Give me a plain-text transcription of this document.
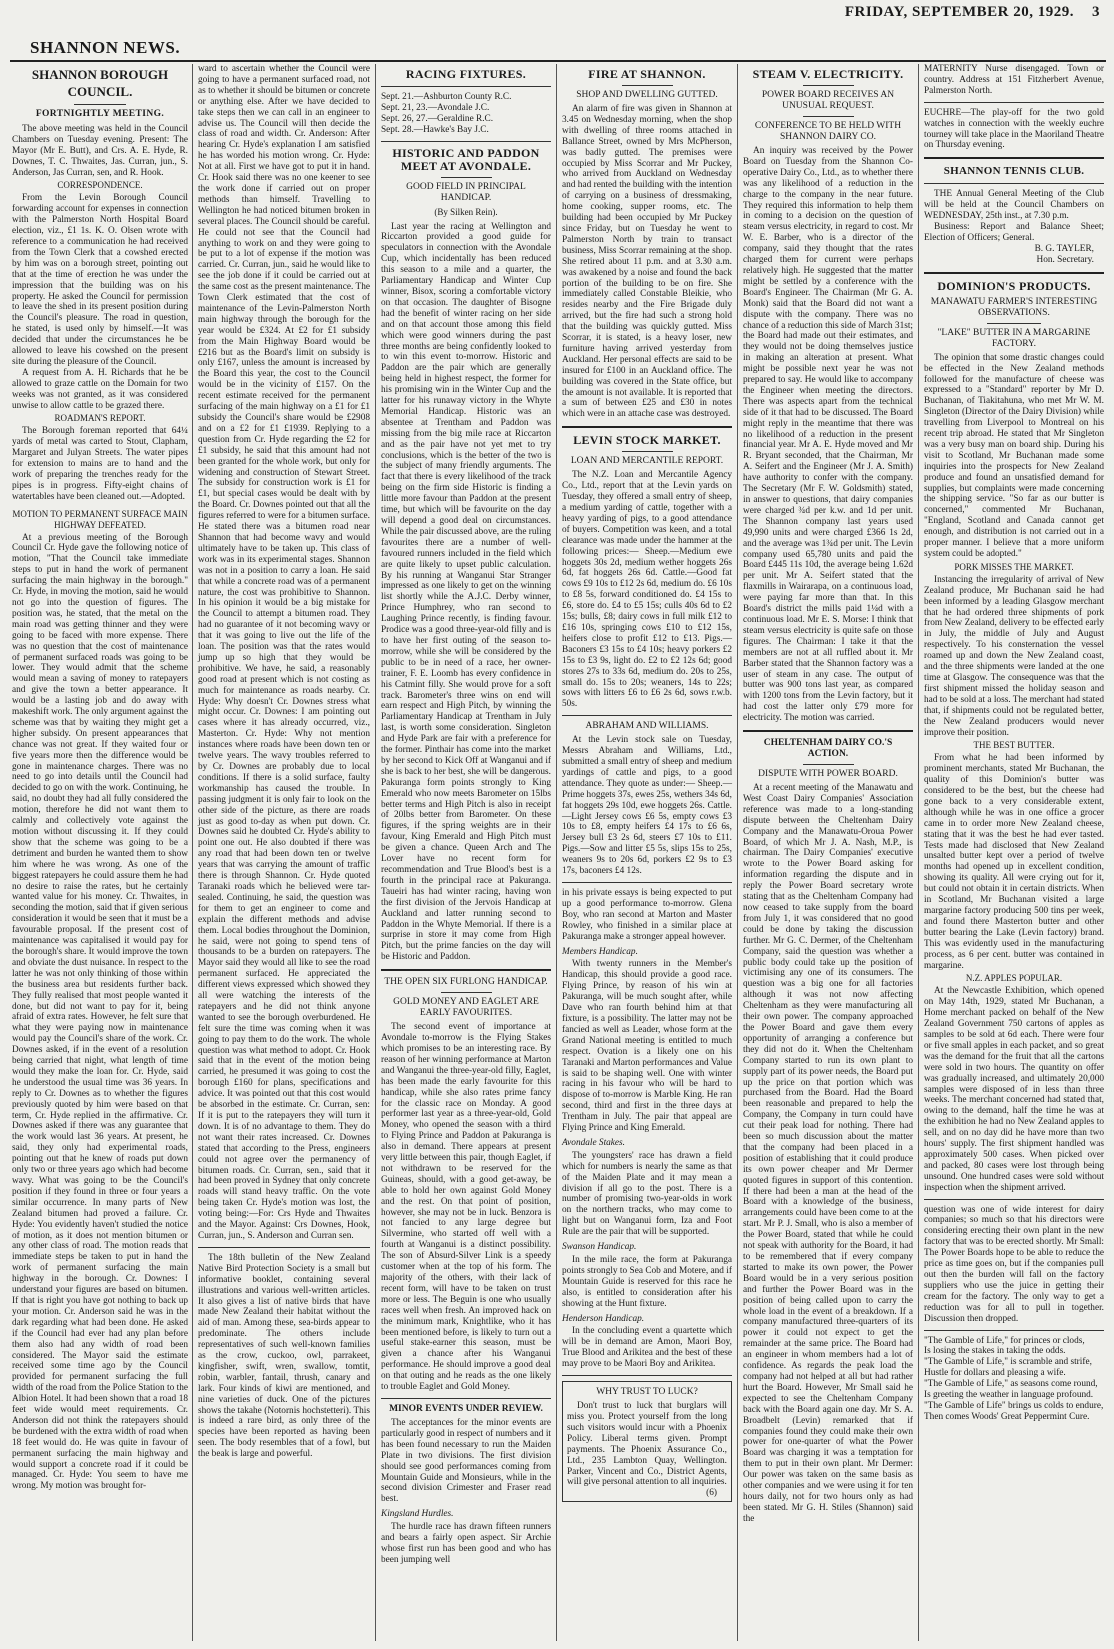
FRIDAY, SEPTEMBER 20, 1929. 3
SHANNON NEWS.
SHANNON BOROUGH COUNCIL.
FORTNIGHTLY MEETING.

The above meeting was held in the Council Chambers on Tuesday evening. Present: The Mayor (Mr E. Butt), and Crs. A. E. Hyde, R. Downes, T. C. Thwaites, Jas. Curran, jun., S. Anderson, Jas Curran, sen, and R. Hook.

CORRESPONDENCE.

From the Levin Borough Council forwarding account for expenses in connection with the Palmerston North Hospital Board election, viz., £1 1s. K. O. Olsen wrote with reference to a communication he had received from the Town Clerk that a cowshed erected by him was on a borough street, pointing out that at the time of erection he was under the impression that the building was on his property. He asked the Council for permission to leave the shed in its present position during the Council's pleasure. The road in question, he stated, is used only by himself.—It was decided that under the circumstances he be allowed to leave his cowshed on the present site during the pleasure of the Council.

A request from A. H. Richards that he be allowed to graze cattle on the Domain for two weeks was not granted, as it was considered unwise to allow cattle to be grazed there.

ROADMAN'S REPORT.

The Borough foreman reported that 64¼ yards of metal was carted to Stout, Clapham, Margaret and Julyan Streets. The water pipes for extension to mains are to hand and the work of preparing the trenches ready for the pipes is in progress. Fifty-eight chains of watertables have been cleaned out.—Adopted.

MOTION TO PERMANENT SURFACE MAIN HIGHWAY DEFEATED.

At a previous meeting of the Borough Council Cr. Hyde gave the following notice of motion, "That the Council take immediate steps to put in hand the work of permanent surfacing the main highway in the borough." Cr. Hyde, in moving the motion, said he would not go into the question of figures. The position was, he stated, that the metal on the main road was getting thinner and they were going to be faced with more expense. There was no question that the cost of maintenance of permanent surfaced roads was going to be lower. They would admit that the scheme would mean a saving of money to ratepayers and give the town a better appearance. It would be a lasting job and do away with makeshift work. The only argument against the scheme was that by waiting they might get a higher subsidy. On present appearances that chance was not great. If they waited four or five years more then the difference would be gone in maintenance charges. There was no need to go into details until the Council had decided to go on with the work. Continuing, he said, no doubt they had all fully considered the motion, therefore he did not want them to calmly and collectively vote against the motion without discussing it. If they could show that the scheme was going to be a detriment and burden he wanted them to show him where he was wrong. As one of the biggest ratepayers he could assure them he had no desire to raise the rates, but he certainly wanted value for his money. Cr. Thwaites, in seconding the motion, said that if given serious consideration it would be seen that it must be a favourable proposal. If the present cost of maintenance was capitalised it would pay for the borough's share. It would improve the town and obviate the dust nuisance. In respect to the latter he was not only thinking of those within the business area but residents further back. They fully realised that most people wanted it done, but did not want to pay for it, being afraid of extra rates. However, he felt sure that what they were paying now in maintenance would pay the Council's share of the work. Cr. Downes asked, if in the event of a resolution being carried that night, what length of time would they make the loan for. Cr. Hyde, said he understood the usual time was 36 years. In reply to Cr. Downes as to whether the figures previously quoted by him were based on that term, Cr. Hyde replied in the affirmative. Cr. Downes asked if there was any guarantee that the work would last 36 years. At present, he said, they only had experimental roads, pointing out that he knew of roads put down only two or three years ago which had become wavy. What was going to be the Council's position if they found in three or four years a similar occurrence. In many parts of New Zealand bitumen had proved a failure. Cr. Hyde: You evidently haven't studied the notice of motion, as it does not mention bitumen or any other class of road. The motion reads that immediate steps be taken to put in hand the work of permanent surfacing the main highway in the borough. Cr. Downes: I understand your figures are based on bitumen. If that is right you have got nothing to back up your motion. Cr. Anderson said he was in the dark regarding what had been done. He asked if the Council had ever had any plan before them also had any width of road been considered. The Mayor said the estimate received some time ago by the Council provided for permanent surfacing the full width of the road from the Police Station to the Albion Hotel. It had been shown that a road 18 feet wide would meet requirements. Cr. Anderson did not think the ratepayers should be burdened with the extra width of road when 18 feet would do. He was quite in favour of permanent surfacing the main highway and would support a concrete road if it could be managed. Cr. Hyde: You seem to have me wrong. My motion was brought for-

ward to ascertain whether the Council were going to have a permanent surfaced road, not as to whether it should be bitumen or concrete or anything else. After we have decided to take steps then we can call in an engineer to advise us. The Council will then decide the class of road and width. Cr. Anderson: After hearing Cr. Hyde's explanation I am satisfied he has worded his motion wrong. Cr. Hyde: Not at all. First we have got to put it in hand. Cr. Hook said there was no one keener to see the work done if carried out on proper methods than himself. Travelling to Wellington he had noticed bitumen broken in several places. The Council should be careful. He could not see that the Council had anything to work on and they were going to be put to a lot of expense if the motion was carried. Cr. Curran, jun., said he would like to see the job done if it could be carried out at the same cost as the present maintenance. The Town Clerk estimated that the cost of maintenance of the Levin-Palmerston North main highway through the borough for the year would be £324. At £2 for £1 subsidy from the Main Highway Board would be £216 but as the Board's limit on subsidy is only £167, unless the amount is increased by the Board this year, the cost to the Council would be in the vicinity of £157. On the recent estimate received for the permanent surfacing of the main highway on a £1 for £1 subsidy the Council's share would be £2908 and on a £2 for £1 £1939. Replying to a question from Cr. Hyde regarding the £2 for £1 subsidy, he said that this amount had not been granted for the whole work, but only for widening and construction of Stewart Street. The subsidy for construction work is £1 for £1, but special cases would be dealt with by the Board. Cr. Downes pointed out that all the figures referred to were for a bitumen surface. He stated there was a bitumen road near Shannon that had become wavy and would ultimately have to be taken up. This class of work was in its experimental stages. Shannon was not in a position to carry a loan. He said that while a concrete road was of a permanent nature, the cost was prohibitive to Shannon. In his opinion it would be a big mistake for the Council to attempt a bitumen road. They had no guarantee of it not becoming wavy or that it was going to live out the life of the loan. The position was that the rates would jump up so high that they would be prohibitive. We have, he said, a reasonably good road at present which is not costing as much for maintenance as roads nearby. Cr. Hyde: Why doesn't Cr. Downes stress what might occur. Cr. Downes: I am pointing out cases where it has already occurred, viz., Masterton. Cr. Hyde: Why not mention instances where roads have been down ten or twelve years. The wavy troubles referred to by Cr. Downes are probably due to local conditions. If there is a solid surface, faulty workmanship has caused the trouble. In passing judgment it is only fair to look on the other side of the picture, as there are roads just as good to-day as when put down. Cr. Downes said he doubted Cr. Hyde's ability to point one out. He also doubted if there was any road that had been down ten or twelve years that was carrying the amount of traffic there is through Shannon. Cr. Hyde quoted Taranaki roads which he believed were tar-sealed. Continuing, he said, the question was for them to get an engineer to come and explain the different methods and advise them. Local bodies throughout the Dominion, he said, were not going to spend tens of thousands to be a burden on ratepayers. The Mayor said they would all like to see the road permanent surfaced. He appreciated the different views expressed which showed they all were watching the interests of the ratepayers and he did not think anyone wanted to see the borough overburdened. He felt sure the time was coming when it was going to pay them to do the work. The whole question was what method to adopt. Cr. Hook said that in the event of the motion being carried, he presumed it was going to cost the borough £160 for plans, specifications and advice. It was pointed out that this cost would be absorbed in the estimate. Cr. Curran, sen: If it is put to the ratepayers they will turn it down. It is of no advantage to them. They do not want their rates increased. Cr. Downes stated that according to the Press, engineers could not agree over the permanency of bitumen roads. Cr. Curran, sen., said that it had been proved in Sydney that only concrete roads will stand heavy traffic. On the vote being taken Cr. Hyde's motion was lost, the voting being:—For: Crs Hyde and Thwaites and the Mayor. Against: Crs Downes, Hook, Curran, jun., S. Anderson and Curran sen.

The 18th bulletin of the New Zealand Native Bird Protection Society is a small but informative booklet, containing several illustrations and various well-written articles. It also gives a list of native birds that have made New Zealand their habitat without the aid of man. Among these, sea-birds appear to predominate. The others include representatives of such well-known families as the crow, cuckoo, owl, parrakeet, kingfisher, swift, wren, swallow, tomtit, robin, warbler, fantail, thrush, canary and lark. Four kinds of kiwi are mentioned, and nine varieties of duck. One of the pictures shows the takahe (Notornis hochstetteri). This is indeed a rare bird, as only three of the species have been reported as having been seen. The body resembles that of a fowl, but the beak is large and powerful.

RACING FIXTURES.

Sept. 21.—Ashburton County R.C.

Sept. 21, 23.—Avondale J.C.

Sept. 26, 27.—Geraldine R.C.

Sept. 28.—Hawke's Bay J.C.

HISTORIC AND PADDON MEET AT AVONDALE.
GOOD FIELD IN PRINCIPAL HANDICAP.
(By Silken Rein).

Last year the racing at Wellington and Riccarton provided a good guide for speculators in connection with the Avondale Cup, which incidentally has been reduced this season to a mile and a quarter, the Parliamentary Handicap and Winter Cup winner, Bisox, scoring a comfortable victory on that occasion. The daughter of Bisogne had the benefit of winter racing on her side and on that account those among this field which were good winners during the past three months are being confidently looked to to win this event to-morrow. Historic and Paddon are the pair which are generally being held in highest respect, the former for his promising win in the Winter Cup and the latter for his runaway victory in the Whyte Memorial Handicap. Historic was an absentee at Trentham and Paddon was missing from the big mile race at Riccarton and as the pair have not yet met to try conclusions, which is the better of the two is the subject of many friendly arguments. The fact that there is every likelihood of the track being on the firm side Historic is finding a little more favour than Paddon at the present time, but which will be favourite on the day will depend a good deal on circumstances. While the pair discussed above, are the ruling favourites there are a number of well-favoured runners included in the field which are quite likely to upset public calculation. By his running at Wanganui Star Stranger impressed as one likely to get on the winning list shortly while the A.J.C. Derby winner, Prince Humphrey, who ran second to Laughing Prince recently, is finding favour. Prodice was a good three-year-old filly and is to have her first outing of the season to-morrow, while she will be considered by the public to be in need of a race, her owner-trainer, F. E. Loomb has every confidence in his Catmint filly. She would prove for a soft track. Barometer's three wins on end will earn respect and High Pitch, by winning the Parliamentary Handicap at Trentham in July last, is worth some consideration. Singleton and Hyde Park are fair with a preference for the former. Pinthair has come into the market by her second to Kick Off at Wanganui and if she is back to her best, she will be dangerous. Pakuranga form points strongly to King Emerald who now meets Barometer on 15lbs better terms and High Pitch is also in receipt of 20lbs better from Barometer. On these figures, if the spring weights are in their favour, King Emerald and High Pitch must be given a chance. Queen Arch and The Lover have no recent form for recommendation and True Blood's best is a fourth in the principal race at Pakuranga. Taueiri has had winter racing, having won the first division of the Jervois Handicap at Auckland and latter running second to Paddon in the Whyte Memorial. If there is a surprise in store it may come from High Pitch, but the prime fancies on the day will be Historic and Paddon.

THE OPEN SIX FURLONG HANDICAP.
GOLD MONEY AND EAGLET ARE EARLY FAVOURITES.

The second event of importance at Avondale to-morrow is the Flying Stakes which promises to be an interesting race. By reason of her winning performance at Marton and Wanganui the three-year-old filly, Eaglet, has been made the early favourite for this handicap, while she also rates prime fancy for the classic race on Monday. A good performer last year as a three-year-old, Gold Money, who opened the season with a third to Flying Prince and Paddon at Pakuranga is also in demand. There appears at present very little between this pair, though Eaglet, if not withdrawn to be reserved for the Guineas, should, with a good get-away, be able to hold her own against Gold Money and the rest. On that point of position, however, she may not be in luck. Benzora is not fancied to any large degree but Silvermine, who started off well with a fourth at Wanganui is a distinct possibility. The son of Absurd-Silver Link is a speedy customer when at the top of his form. The majority of the others, with their lack of recent form, will have to be taken on trust more or less. The Beguin is one who usually races well when fresh. An improved hack on the minimum mark, Knightlike, who it has been mentioned before, is likely to turn out a useful stake-earner this season, must be given a chance after his Wanganui performance. He should improve a good deal on that outing and he reads as the one likely to trouble Eaglet and Gold Money.

MINOR EVENTS UNDER REVIEW.

The acceptances for the minor events are particularly good in respect of numbers and it has been found necessary to run the Maiden Plate in two divisions. The first division should see good performances coming from Mountain Guide and Monsieurs, while in the second division Crimester and Fraser read best.

Kingsland Hurdles.

The hurdle race has drawn fifteen runners and bears a fairly open aspect. Sir Archie whose first run has been good and who has been jumping well

FIRE AT SHANNON.
SHOP AND DWELLING GUTTED.

An alarm of fire was given in Shannon at 3.45 on Wednesday morning, when the shop with dwelling of three rooms attached in Ballance Street, owned by Mrs McPherson, was badly gutted. The premises were occupied by Miss Scorrar and Mr Puckey, who arrived from Auckland on Wednesday and had rented the building with the intention of carrying on a business of dressmaking, home cooking, supper rooms, etc. The building had been occupied by Mr Puckey since Friday, but on Tuesday he went to Palmerston North by train to transact business, Miss Scorrar remaining at the shop. She retired about 11 p.m. and at 3.30 a.m. was awakened by a noise and found the back portion of the building to be on fire. She immediately called Constable Bleikie, who resides nearby and the Fire Brigade duly arrived, but the fire had such a strong hold that the building was quickly gutted. Miss Scorrar, it is stated, is a heavy loser, new furniture having arrived yesterday from Auckland. Her personal effects are said to be insured for £100 in an Auckland office. The building was covered in the State office, but the amount is not available. It is reported that a sum of between £25 and £30 in notes which were in an attache case was destroyed.

LEVIN STOCK MARKET.
LOAN AND MERCANTILE REPORT.

The N.Z. Loan and Mercantile Agency Co., Ltd., report that at the Levin yards on Tuesday, they offered a small entry of sheep, a medium yarding of cattle, together with a heavy yarding of pigs, to a good attendance of buyers. Competition was keen, and a total clearance was made under the hammer at the following prices:— Sheep.—Medium ewe hoggets 30s 2d, medium wether hoggets 26s 6d, fat hoggets 26s 6d. Cattle.—Good fat cows £9 10s to £12 2s 6d, medium do. £6 10s to £8 5s, forward conditioned do. £4 15s to £6, store do. £4 to £5 15s; culls 40s 6d to £2 15s; bulls, £8; dairy cows in full milk £12 to £16 10s, springing cows £10 to £12 15s, heifers close to profit £12 to £13. Pigs.—Baconers £3 15s to £4 10s; heavy porkers £2 15s to £3 9s, light do. £2 to £2 12s 6d; good stores 27s to 33s 6d, medium do. 20s to 25s, small do. 15s to 20s; weaners, 14s to 22s; sows with litters £6 to £6 2s 6d, sows r.w.b. 50s.

ABRAHAM AND WILLIAMS.

At the Levin stock sale on Tuesday, Messrs Abraham and Williams, Ltd., submitted a small entry of sheep and medium yardings of cattle and pigs, to a good attendance. They quote as under:— Sheep.—Prime hoggets 37s, ewes 25s, wethers 34s 6d, fat hoggets 29s 10d, ewe hoggets 26s. Cattle.—Light Jersey cows £6 5s, empty cows £3 10s to £8, empty heifers £4 17s to £6 6s, Jersey bull £3 2s 6d, steers £7 10s to £11. Pigs.—Sow and litter £5 5s, slips 15s to 25s, weaners 9s to 20s 6d, porkers £2 9s to £3 17s, baconers £4 12s.

in his private essays is being expected to put up a good performance to-morrow. Glena Boy, who ran second at Marton and Master Rowley, who finished in a similar place at Pakuranga make a stronger appeal however.

Members Handicap.

With twenty runners in the Member's Handicap, this should provide a good race. Flying Prince, by reason of his win at Pakuranga, will be much sought after, while Dave who ran fourth behind him at that fixture, is a possibility. The latter may not be fancied as well as Leader, whose form at the Grand National meeting is entitled to much respect. Ovation is a likely one on his Taranaki and Marton performances and Value is said to be shaping well. One with winter racing in his favour who will be hard to dispose of to-morrow is Marble King. He ran second, third and first in the three days at Trentham in July. The pair that appeal are Flying Prince and King Emerald.

Avondale Stakes.

The youngsters' race has drawn a field which for numbers is nearly the same as that of the Maiden Plate and it may mean a division if all go to the post. There is a number of promising two-year-olds in work on the northern tracks, who may come to light but on Wanganui form, Iza and Foot Rule are the pair that will be supported.

Swanson Handicap.

In the mile race, the form at Pakuranga points strongly to Sea Cob and Motere, and if Mountain Guide is reserved for this race he also, is entitled to consideration after his showing at the Hunt fixture.

Henderson Handicap.

In the concluding event a quartette which will be in demand are Amon, Maori Boy, True Blood and Arikitea and the best of these may prove to be Maori Boy and Arikitea.

WHY TRUST TO LUCK?

Don't trust to luck that burglars will miss you. Protect yourself from the long such visitors would incur with a Phoenix Policy. Liberal terms given. Prompt payments. The Phoenix Assurance Co., Ltd., 235 Lambton Quay, Wellington. Parker, Vincent and Co., District Agents, will give personal attention to all inquiries.

(6)

STEAM V. ELECTRICITY.
POWER BOARD RECEIVES AN UNUSUAL REQUEST.
CONFERENCE TO BE HELD WITH SHANNON DAIRY CO.

An inquiry was received by the Power Board on Tuesday from the Shannon Co-operative Dairy Co., Ltd., as to whether there was any likelihood of a reduction in the charge to the company in the near future. They required this information to help them in coming to a decision on the question of steam versus electricity, in regard to cost. Mr W. E. Barber, who is a director of the company, said they thought that the rates charged them for current were perhaps relatively high. He suggested that the matter might be settled by a conference with the Board's Engineer. The Chairman (Mr G. A. Monk) said that the Board did not want a dispute with the company. There was no chance of a reduction this side of March 31st; the Board had made out their estimates, and they would not be doing themselves justice in making an alteration at present. What might be possible next year he was not prepared to say. He would like to accompany the Engineer when meeting the directors. There was aspects apart from the technical side of it that had to be discussed. The Board might reply in the meantime that there was no likelihood of a reduction in the present financial year. Mr A. E. Hyde moved and Mr R. Bryant seconded, that the Chairman, Mr A. Seifert and the Engineer (Mr J. A. Smith) have authority to confer with the company. The Secretary (Mr F. W. Goldsmith) stated, in answer to questions, that dairy companies were charged ¾d per k.w. and 1d per unit. The Shannon company last years used 49,990 units and were charged £366 1s 2d, and the average was 1¾d per unit. The Levin company used 65,780 units and paid the Board £445 11s 10d, the average being 1.62d per unit. Mr A. Seifert stated that the flaxmills in Wairarapa, on a continuous load, were paying far more than that. In this Board's district the mills paid 1¼d with a continuous load. Mr E. S. Morse: I think that steam versus electricity is quite safe on those figures. The Chairman: I take it that the members are not at all ruffled about it. Mr Barber stated that the Shannon factory was a user of steam in any case. The output of butter was 900 tons last year, as compared with 1200 tons from the Levin factory, but it had cost the latter only £79 more for electricity. The motion was carried.

CHELTENHAM DAIRY CO.'S ACTION.
DISPUTE WITH POWER BOARD.

At a recent meeting of the Manawatu and West Coast Dairy Companies' Association reference was made to a long-standing dispute between the Cheltenham Dairy Company and the Manawatu-Oroua Power Board, of which Mr J. A. Nash, M.P., is chairman. The Dairy Companies' executive wrote to the Power Board asking for information regarding the dispute and in reply the Power Board secretary wrote stating that as the Cheltenham Company had now ceased to take supply from the board from July 1, it was considered that no good could be done by taking the discussion further. Mr G. C. Dermer, of the Cheltenham Company, said the question was whether a public body could take up the position of victimising any one of its consumers. The question was a big one for all factories although it was not now affecting Cheltenham as they were manufacturing all their own power. The company approached the Power Board and gave them every opportunity of arranging a conference but they did not do it. When the Cheltenham Company started to run its own plant to supply part of its power needs, the Board put up the price on that portion which was purchased from the Board. Had the Board been reasonable and prepared to help the Company, the Company in turn could have cut their peak load for nothing. There had been so much discussion about the matter that the company had been placed in a position of establishing that it could produce its own power cheaper and Mr Dermer quoted figures in support of this contention. If there had been a man at the head of the Board with a knowledge of the business, arrangements could have been come to at the start. Mr P. J. Small, who is also a member of the Power Board, stated that while he could not speak with authority for the Board, it had to be remembered that if every company started to make its own power, the Power Board would be in a very serious position and further the Power Board was in the position of being called upon to carry the whole load in the event of a breakdown. If a company manufactured three-quarters of its power it could not expect to get the remainder at the same price. The Board had an engineer in whom members had a lot of confidence. As regards the peak load the company had not helped at all but had rather hurt the Board. However, Mr Small said he expected to see the Cheltenham Company back with the Board again one day. Mr S. A. Broadbelt (Levin) remarked that if companies found they could make their own power for one-quarter of what the Power Board was charging it was a temptation for them to put in their own plant. Mr Dermer: Our power was taken on the same basis as other companies and we were using it for ten hours daily, not for two hours only as had been stated. Mr G. H. Stiles (Shannon) said the

MATERNITY Nurse disengaged. Town or country. Address at 151 Fitzherbert Avenue, Palmerston North.

EUCHRE—The play-off for the two gold watches in connection with the weekly euchre tourney will take place in the Maoriland Theatre on Thursday evening.

SHANNON TENNIS CLUB.

THE Annual General Meeting of the Club will be held at the Council Chambers on WEDNESDAY, 25th inst., at 7.30 p.m.

Business: Report and Balance Sheet; Election of Officers; General.

B. G. TAYLER,

Hon. Secretary.

DOMINION'S PRODUCTS.
MANAWATU FARMER'S INTERESTING OBSERVATIONS.
"LAKE" BUTTER IN A MARGARINE FACTORY.

The opinion that some drastic changes could be effected in the New Zealand methods followed for the manufacture of cheese was expressed to a "Standard" reporter by Mr D. Buchanan, of Tiakitahuna, who met Mr W. M. Singleton (Director of the Dairy Division) while travelling from Liverpool to Montreal on his recent trip abroad. He stated that Mr Singleton was a very busy man on board ship. During his visit to Scotland, Mr Buchanan made some inquiries into the prospects for New Zealand produce and found an unsatisfied demand for supplies, but complaints were made concerning the shipping service. "So far as our butter is concerned," commented Mr Buchanan, "England, Scotland and Canada cannot get enough, and distribution is not carried out in a proper manner. I believe that a more uniform system could be adopted."

PORK MISSES THE MARKET.

Instancing the irregularity of arrival of New Zealand produce, Mr Buchanan said he had been informed by a leading Glasgow merchant that he had ordered three shipments of pork from New Zealand, delivery to be effected early in July, the middle of July and August respectively. To his consternation the vessel roamed up and down the New Zealand coast, and the three shipments were landed at the one time at Glasgow. The consequence was that the first shipment missed the holiday season and had to be sold at a loss. The merchant had stated that, if shipments could not be regulated better, the New Zealand producers would never improve their position.

THE BEST BUTTER.

From what he had been informed by prominent merchants, stated Mr Buchanan, the quality of this Dominion's butter was considered to be the best, but the cheese had gone back to a very considerable extent, although while he was in one office a grocer came in to order more New Zealand cheese, stating that it was the best he had ever tasted. Tests made had disclosed that New Zealand unsalted butter kept over a period of twelve months had opened up in excellent condition, showing its quality. All were crying out for it, but could not obtain it in certain districts. When in Scotland, Mr Buchanan visited a large margarine factory producing 500 tins per week, and found there Masterton butter and other butter bearing the Lake (Levin factory) brand. This was evidently used in the manufacturing process, as 6 per cent. butter was contained in margarine.

N.Z. APPLES POPULAR.

At the Newcastle Exhibition, which opened on May 14th, 1929, stated Mr Buchanan, a Home merchant packed on behalf of the New Zealand Government 750 cartons of apples as samples to be sold at 6d each. There were four or five small apples in each packet, and so great was the demand for the fruit that all the cartons were sold in two hours. The quantity on offer was gradually increased, and ultimately 20,000 samples were disposed of in less than three weeks. The merchant concerned had stated that, owing to the demand, half the time he was at the exhibition he had no New Zealand apples to sell, and on no day did he have more than two hours' supply. The first shipment handled was approximately 500 cases. When picked over and packed, 80 cases were lost through being unsound. One hundred cases were sold without inspection when the shipment arrived.

question was one of wide interest for dairy companies; so much so that his directors were considering erecting their own plant in the new factory that was to be erected shortly. Mr Small: The Power Boards hope to be able to reduce the price as time goes on, but if the companies pull out then the burden will fall on the factory suppliers who use the juice in getting their cream for the factory. The only way to get a reduction was for all to pull in together. Discussion then dropped.

"The Gamble of Life," for princes or clods,

Is losing the stakes in taking the odds.

"The Gamble of Life," is scramble and strife,

Hustle for dollars and pleasing a wife.

"The Gamble of Life," as seasons come round,

Is greeting the weather in language profound.

"The Gamble of Life" brings us colds to endure,

Then comes Woods' Great Peppermint Cure.
